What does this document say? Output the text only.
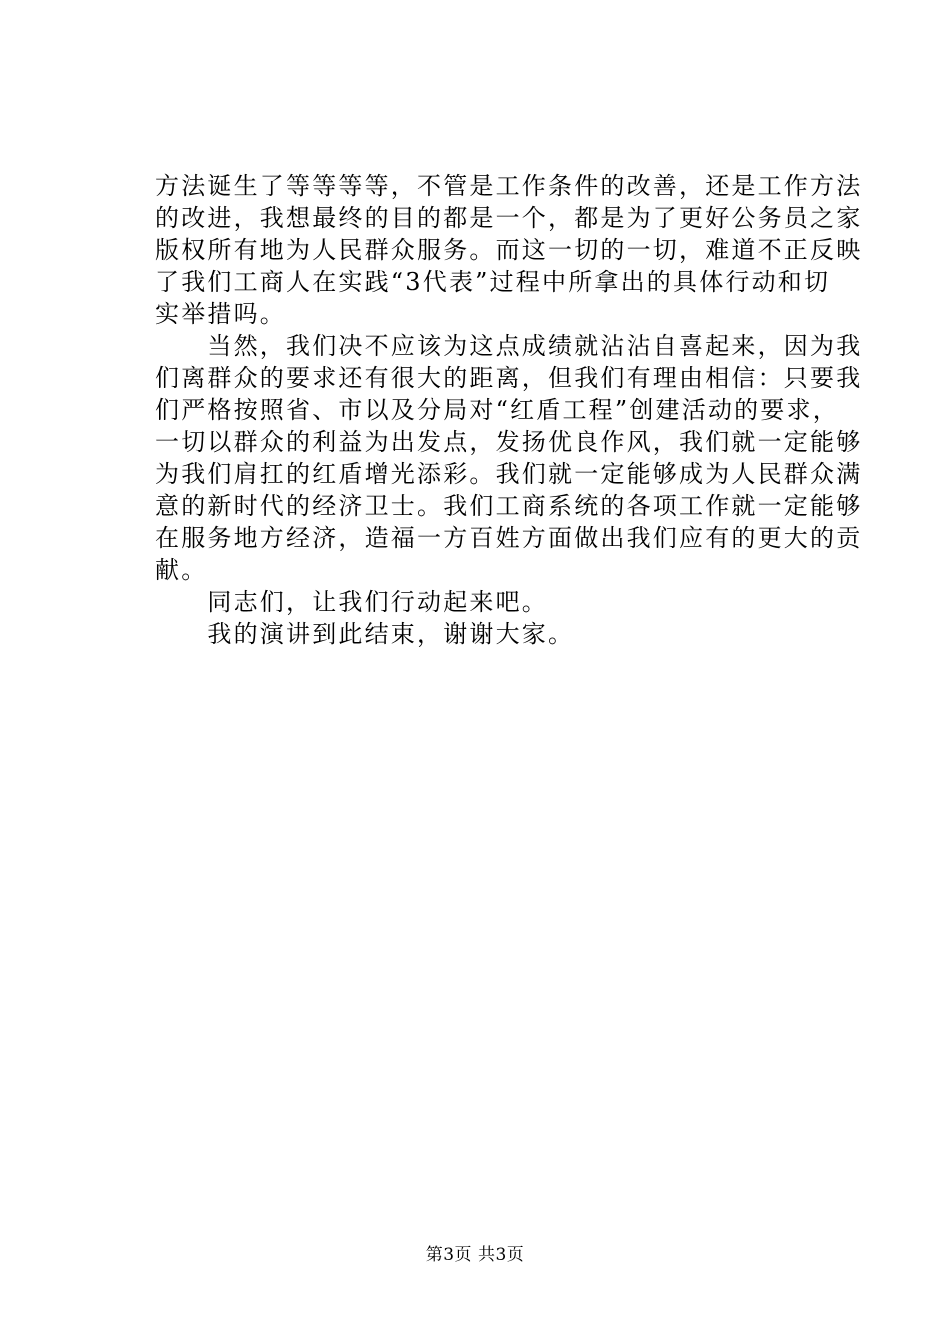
方法诞生了等等等等，不管是工作条件的改善，还是工作方法
的改进，我想最终的目的都是一个，都是为了更好公务员之家
版权所有地为人民群众服务。而这一切的一切，难道不正反映
了我们工商人在实践“3代表”过程中所拿出的具体行动和切
实举措吗。
　　当然，我们决不应该为这点成绩就沾沾自喜起来，因为我
们离群众的要求还有很大的距离，但我们有理由相信：只要我
们严格按照省、市以及分局对“红盾工程”创建活动的要求，
一切以群众的利益为出发点，发扬优良作风，我们就一定能够
为我们肩扛的红盾增光添彩。我们就一定能够成为人民群众满
意的新时代的经济卫士。我们工商系统的各项工作就一定能够
在服务地方经济，造福一方百姓方面做出我们应有的更大的贡
献。
　　同志们，让我们行动起来吧。
　　我的演讲到此结束，谢谢大家。
第3页 共3页
